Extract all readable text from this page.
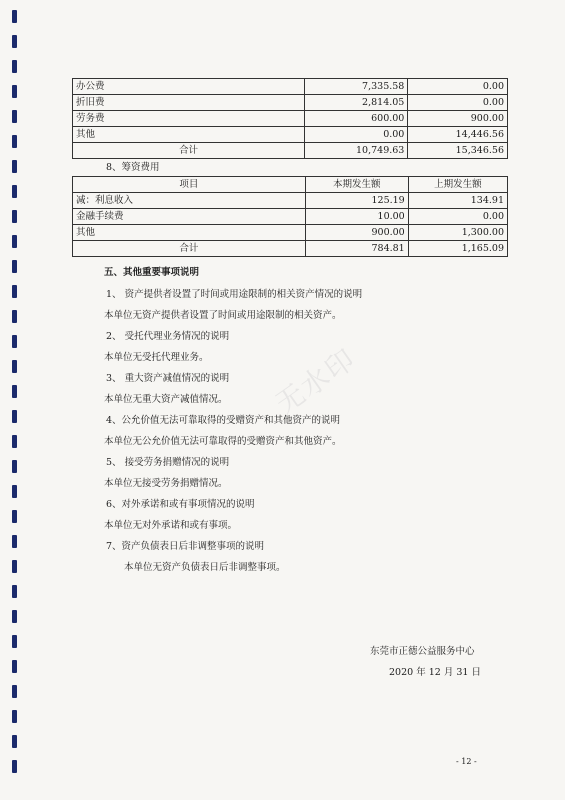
无水印
办公费	7,335.58	0.00
折旧费	2,814.05	0.00
劳务费	600.00	900.00
其他	0.00	14,446.56
合计	10,749.63	15,346.56
8、筹资费用
项目	本期发生额	上期发生额
减：利息收入	125.19	134.91
金融手续费	10.00	0.00
其他	900.00	1,300.00
合计	784.81	1,165.09
五、其他重要事项说明
1、 资产提供者设置了时间或用途限制的相关资产情况的说明
本单位无资产提供者设置了时间或用途限制的相关资产。
2、 受托代理业务情况的说明
本单位无受托代理业务。
3、 重大资产减值情况的说明
本单位无重大资产减值情况。
4、公允价值无法可靠取得的受赠资产和其他资产的说明
本单位无公允价值无法可靠取得的受赠资产和其他资产。
5、 接受劳务捐赠情况的说明
本单位无接受劳务捐赠情况。
6、对外承诺和或有事项情况的说明
本单位无对外承诺和或有事项。
7、资产负债表日后非调整事项的说明
本单位无资产负债表日后非调整事项。
东莞市正德公益服务中心
2020 年 12 月 31 日
- 12 -
